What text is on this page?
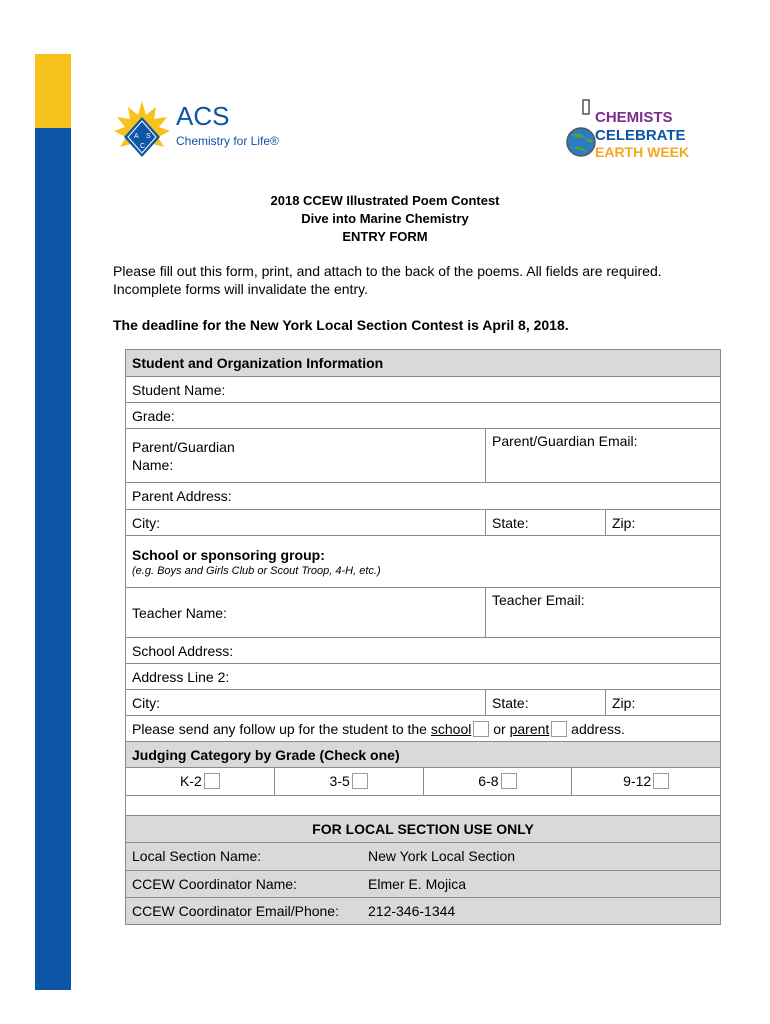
A S
C
ACS
Chemistry for Life®
CHEMISTS
CELEBRATE
EARTH WEEK
2018 CCEW Illustrated Poem Contest
Dive into Marine Chemistry
ENTRY FORM
Please fill out this form, print, and attach to the back of the poems. All fields are required. Incomplete forms will invalidate the entry.
The deadline for the New York Local Section Contest is April 8, 2018.
Student and Organization Information		
Student Name:		
Grade:		

Parent/Guardian Name:	Parent/Guardian Email:	
Parent Address:		
City:	State:	Zip:
School or sponsoring group:
(e.g. Boys and Girls Club or Scout Troop, 4-H, etc.)		

Teacher Name:	Teacher Email:	
School Address:		
Address Line 2:		
City:	State:	Zip:
Please send any follow up for the student to the school or parent address.		
Judging Category by Grade (Check one)		

K-2 3-5 6-8 9-12		

FOR LOCAL SECTION USE ONLY		

Local Section Name: New York Local Section		

CCEW Coordinator Name: Elmer E. Mojica		

CCEW Coordinator Email/Phone: 212-346-1344		
